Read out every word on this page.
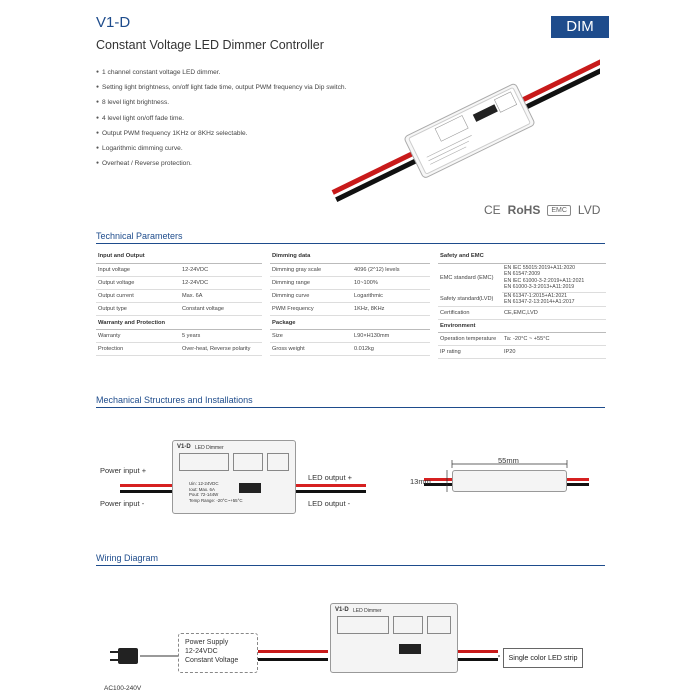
V1-D
Constant Voltage LED Dimmer Controller
DIM
● 1 channel constant voltage LED dimmer.
● Setting light brightness, on/off light fade time, output PWM frequency via Dip switch.
● 8 level light brightness.
● 4 level light on/off fade time.
● Output PWM frequency 1KHz or 8KHz selectable.
● Logarithmic dimming curve.
● Overheat / Reverse protection.
CE RoHS	EMC LVD
Technical Parameters
Input and Output	
Input voltage	12-24VDC
Output voltage	12-24VDC
Output current	Max. 6A
Output type	Constant voltage
Warranty and Protection	
Warranty	5 years
Protection	Over-heat, Reverse polarity
Dimming data	
Dimming gray scale	4096 (2^12) levels
Dimming range	10~100%
Dimming curve	Logarithmic
PWM Frequency	1KHz, 8KHz
Package	
Size	L90×H130mm
Gross weight	0.012kg
Safety and EMC	
EMC standard (EMC)	EN IEC 55015:2019+A11:2020
EN 61547:2009
EN IEC 61000-3-2:2019+A11:2021
EN 61000-3-3:2013+A11:2019

Safety standard(LVD)	EN 61347-1:2015+A1:2021
EN 61347-2-13:2014+A1:2017

Certification	CE,EMC,LVD
Environment	
Operation temperature	Ta: -20°C ~ +55°C
IP rating	IP20
Mechanical Structures and Installations
Power input +
Power input -
LED output +
LED output -
V1-D LED Dimmer
Uin: 12-24VDC
Iout: Max. 6A
Pout: 72-144W
Temp Range: -20°C~+55°C
55mm
13mm
Wiring Diagram
Power Supply
12-24VDC
Constant Voltage
AC100-240V
V1-D LED Dimmer
Single color LED strip
